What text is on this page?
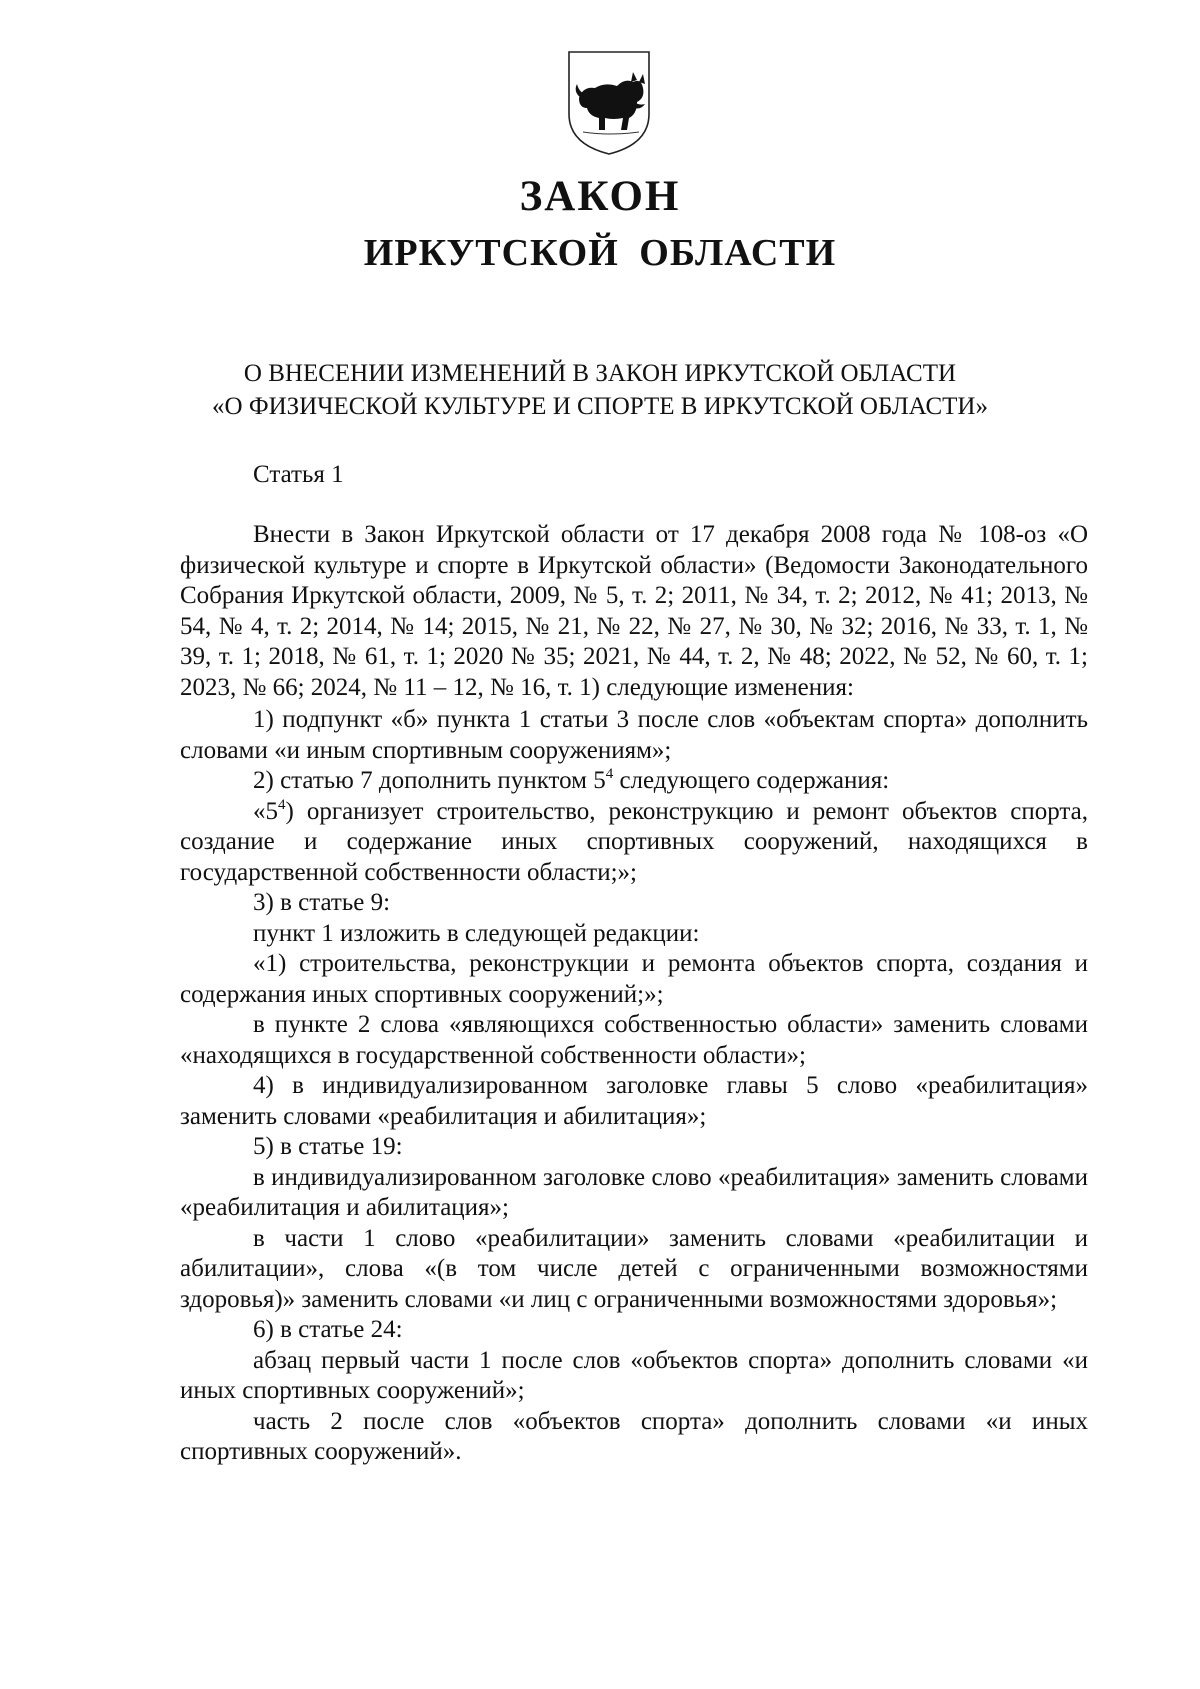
ЗАКОН
ИРКУТСКОЙ ОБЛАСТИ
О ВНЕСЕНИИ ИЗМЕНЕНИЙ В ЗАКОН ИРКУТСКОЙ ОБЛАСТИ
«О ФИЗИЧЕСКОЙ КУЛЬТУРЕ И СПОРТЕ В ИРКУТСКОЙ ОБЛАСТИ»
Статья 1

Внести в Закон Иркутской области от 17 декабря 2008 года № 108-оз «О физической культуре и спорте в Иркутской области» (Ведомости Законодательного Собрания Иркутской области, 2009, № 5, т. 2; 2011, № 34, т. 2; 2012, № 41; 2013, № 54, № 4, т. 2; 2014, № 14; 2015, № 21, № 22, № 27, № 30, № 32; 2016, № 33, т. 1, № 39, т. 1; 2018, № 61, т. 1; 2020 № 35; 2021, № 44, т. 2, № 48; 2022, № 52, № 60, т. 1; 2023, № 66; 2024, № 11 – 12, № 16, т. 1) следующие изменения:

1) подпункт «б» пункта 1 статьи 3 после слов «объектам спорта» дополнить словами «и иным спортивным сооружениям»;

2) статью 7 дополнить пунктом $5^4$ следующего содержания:

«$5^4$) организует строительство, реконструкцию и ремонт объектов спорта, создание и содержание иных спортивных сооружений, находящихся в государственной собственности области;»;

3) в статье 9:

пункт 1 изложить в следующей редакции:

«1) строительства, реконструкции и ремонта объектов спорта, создания и содержания иных спортивных сооружений;»;

в пункте 2 слова «являющихся собственностью области» заменить словами «находящихся в государственной собственности области»;

4) в индивидуализированном заголовке главы 5 слово «реабилитация» заменить словами «реабилитация и абилитация»;

5) в статье 19:

в индивидуализированном заголовке слово «реабилитация» заменить словами «реабилитация и абилитация»;

в части 1 слово «реабилитации» заменить словами «реабилитации и абилитации», слова «(в том числе детей с ограниченными возможностями здоровья)» заменить словами «и лиц с ограниченными возможностями здоровья»;

6) в статье 24:

абзац первый части 1 после слов «объектов спорта» дополнить словами «и иных спортивных сооружений»;

часть 2 после слов «объектов спорта» дополнить словами «и иных спортивных сооружений».
